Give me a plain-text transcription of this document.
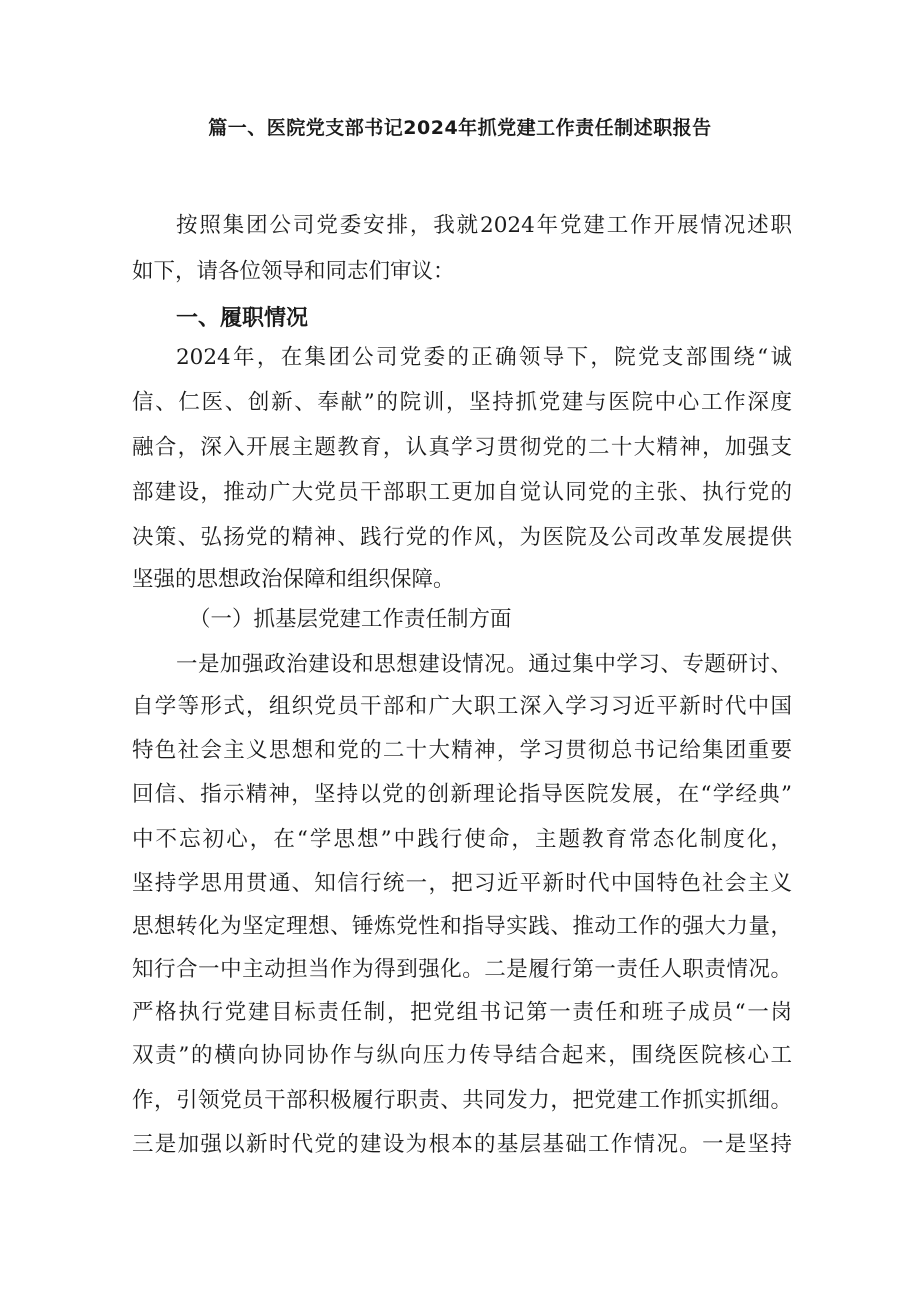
篇一、医院党支部书记2024年抓党建工作责任制述职报告
按照集团公司党委安排，我就2024年党建工作开展情况述职
如下，请各位领导和同志们审议：
一、履职情况
2024年，在集团公司党委的正确领导下，院党支部围绕“诚
信、仁医、创新、奉献”的院训，坚持抓党建与医院中心工作深度
融合，深入开展主题教育，认真学习贯彻党的二十大精神，加强支
部建设，推动广大党员干部职工更加自觉认同党的主张、执行党的
决策、弘扬党的精神、践行党的作风，为医院及公司改革发展提供
坚强的思想政治保障和组织保障。
（一）抓基层党建工作责任制方面
一是加强政治建设和思想建设情况。通过集中学习、专题研讨、
自学等形式，组织党员干部和广大职工深入学习习近平新时代中国
特色社会主义思想和党的二十大精神，学习贯彻总书记给集团重要
回信、指示精神，坚持以党的创新理论指导医院发展，在“学经典”
中不忘初心，在“学思想”中践行使命，主题教育常态化制度化，
坚持学思用贯通、知信行统一，把习近平新时代中国特色社会主义
思想转化为坚定理想、锤炼党性和指导实践、推动工作的强大力量，
知行合一中主动担当作为得到强化。二是履行第一责任人职责情况。
严格执行党建目标责任制，把党组书记第一责任和班子成员“一岗
双责”的横向协同协作与纵向压力传导结合起来，围绕医院核心工
作，引领党员干部积极履行职责、共同发力，把党建工作抓实抓细。
三是加强以新时代党的建设为根本的基层基础工作情况。一是坚持
